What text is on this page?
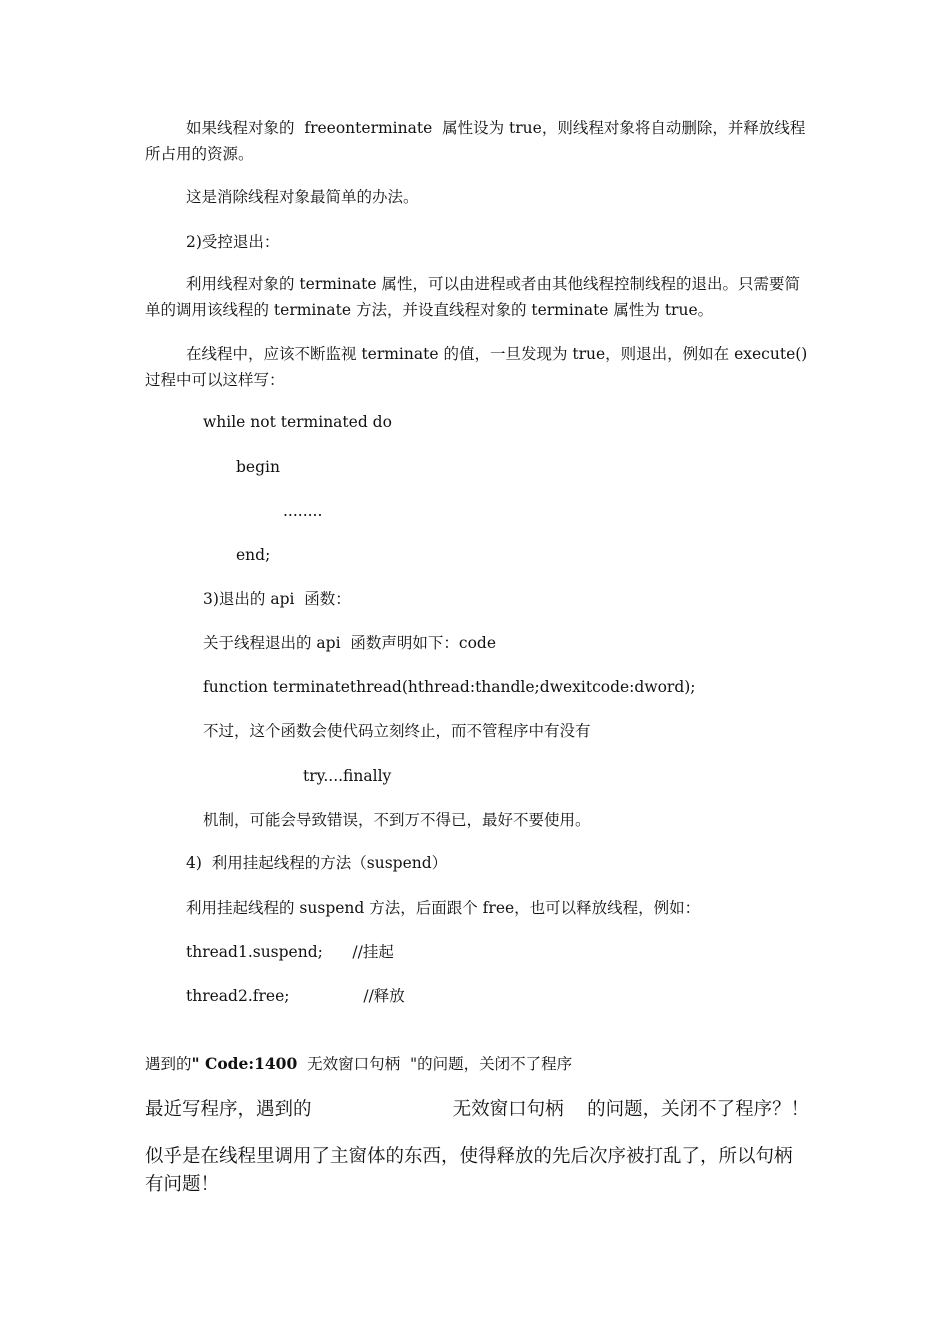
如果线程对象的  freeonterminate  属性设为 true，则线程对象将自动删除，并释放线程所占用的资源。

这是消除线程对象最简单的办法。

2)受控退出：

利用线程对象的 terminate 属性，可以由进程或者由其他线程控制线程的退出。只需要简单的调用该线程的 terminate 方法，并设直线程对象的 terminate 属性为 true。

在线程中，应该不断监视 terminate 的值，一旦发现为 true，则退出，例如在 execute()过程中可以这样写：

while not terminated do

begin

........

end;

3)退出的 api  函数：

关于线程退出的 api  函数声明如下：code

function terminatethread(hthread:thandle;dwexitcode:dword);

不过，这个函数会使代码立刻终止，而不管程序中有没有

try....finally

机制，可能会导致错误，不到万不得已，最好不要使用。

4)  利用挂起线程的方法（suspend）

利用挂起线程的 suspend 方法，后面跟个 free，也可以释放线程，例如：

thread1.suspend;      //挂起

thread2.free;               //释放

遇到的" Code:1400  无效窗口句柄  "的问题，关闭不了程序

最近写程序，遇到的                        无效窗口句柄    的问题，关闭不了程序？！

似乎是在线程里调用了主窗体的东西，使得释放的先后次序被打乱了，所以句柄有问题！
